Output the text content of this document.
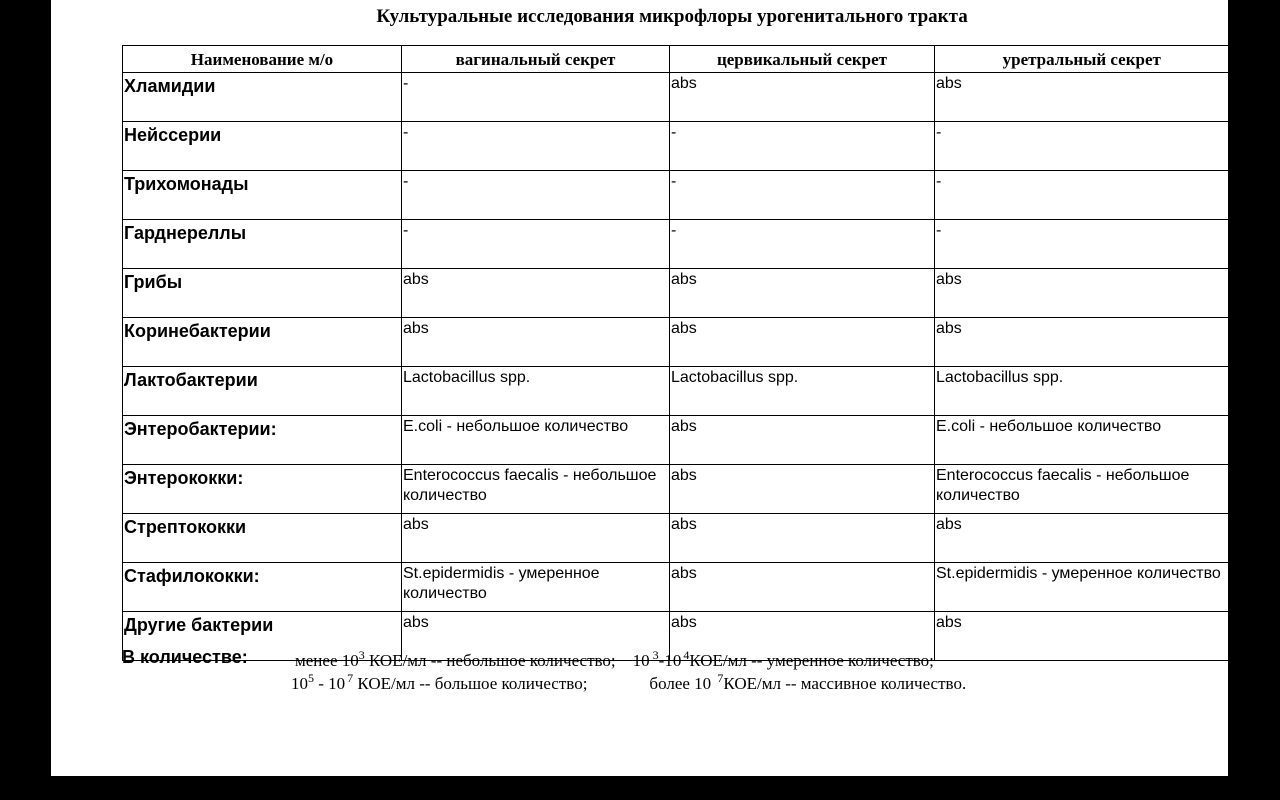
Культуральные исследования микрофлоры урогенитального тракта
Наименование м/о	вагинальный секрет	цервикальный секрет	уретральный секрет
Хламидии	-	abs	abs
Нейссерии	-	-	-
Трихомонады	-	-	-
Гарднереллы	-	-	-
Грибы	abs	abs	abs
Коринебактерии	abs	abs	abs
Лактобактерии	Lactobacillus spp.	Lactobacillus spp.	Lactobacillus spp.
Энтеробактерии:	E.coli - небольшое количество	abs	E.coli - небольшое количество
Энтерококки:	Enterococcus faecalis - небольшое количество	abs	Enterococcus faecalis - небольшое количество
Стрептококки	abs	abs	abs
Стафилококки:	St.epidermidis - умеренное количество	abs	St.epidermidis - умеренное количество
Другие бактерии	abs	abs	abs
В количестве:	менее $10^3$ КОЕ/мл -- небольшое количество; 10 $^3$-10 $^4$КОЕ/мл -- умеренное количество;
$10^5 - 10$ $^7$ КОЕ/мл -- большое количество;	более 10 $^7$КОЕ/мл -- массивное количество.
